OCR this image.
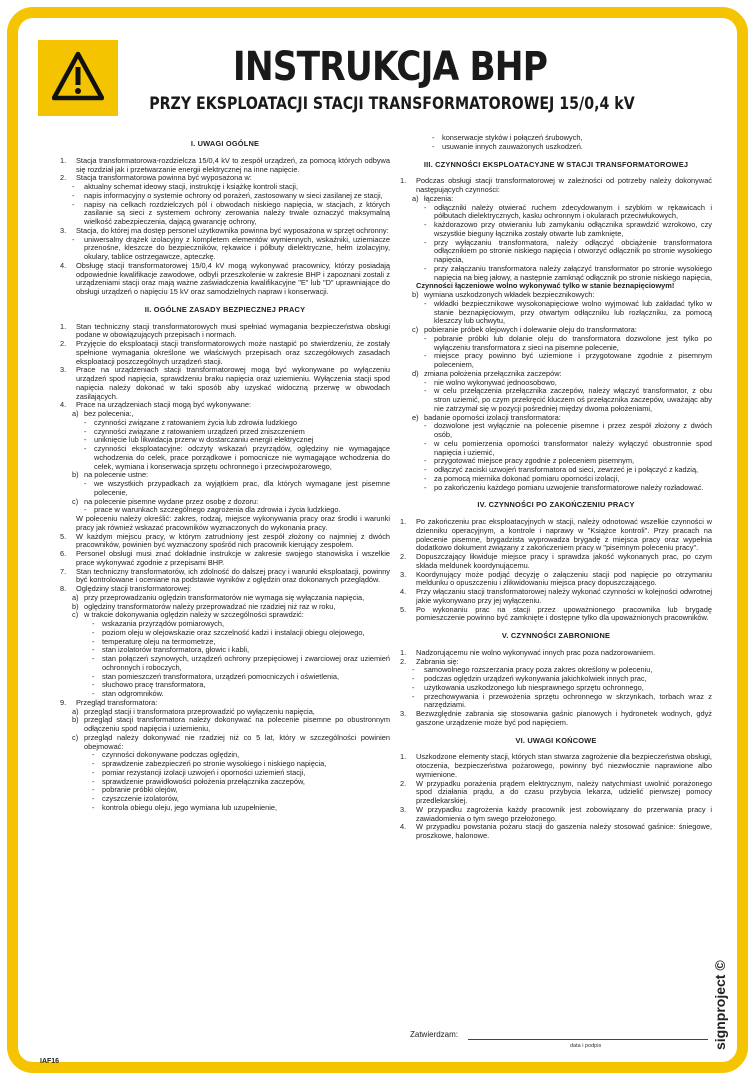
INSTRUKCJA BHP
PRZY EKSPLOATACJI STACJI TRANSFORMATOROWEJ 15/0,4 kV
I. UWAGI OGÓLNE
1. Stacja transformatorowa-rozdzielcza 15/0,4 kV to zespół urządzeń, za pomocą których odbywa się rozdział jak i przetwarzanie energii elektrycznej na inne napięcie.
2. Stacja transformatorowa powinna być wyposażona w:
- aktualny schemat ideowy stacji, instrukcję i książkę kontroli stacji,
- napis informacyjny o systemie ochrony od porażeń, zastosowany w sieci zasilanej ze stacji,
- napisy na celkach rozdzielczych pól i obwodach niskiego napięcia, w stacjach, z których zasilanie są sieci z systemem ochrony zerowania należy trwale oznaczyć maksymalną wielkość zabezpieczenia, dającą gwarancję ochrony,
3. Stacja, do której ma dostęp personel użytkownika powinna być wyposażona w sprzęt ochronny:
- uniwersalny drążek izolacyjny z kompletem elementów wymiennych, wskaźniki, uziemiacze przenośne, kleszcze do bezpieczników, rękawice i półbuty dielektryczne, hełm izolacyjny, okulary, tablice ostrzegawcze, apteczkę.
4. Obsługę stacji transformatorowej 15/0,4 kV mogą wykonywać pracownicy, którzy posiadają odpowiednie kwalifikacje zawodowe, odbyli przeszkolenie w zakresie BHP i zapoznani zostali z urządzeniami stacji oraz mają ważne zaświadczenia kwalifikacyjne "E" lub "D" uprawniające do obsługi urządzeń o napięciu 15 kV oraz samodzielnych napraw i konserwacji.
II. OGÓLNE ZASADY BEZPIECZNEJ PRACY
1. Stan techniczny stacji transformatorowych musi spełniać wymagania bezpieczeństwa obsługi podane w obowiązujących przepisach i normach.
2. Przyjęcie do eksploatacji stacji transformatorowych może nastąpić po stwierdzeniu, że zostały spełnione wymagania określone we właściwych przepisach oraz szczegółowych zasadach eksploatacji poszczególnych urządzeń stacji.
3. Prace na urządzeniach stacji transformatorowej mogą być wykonywane po wyłączeniu urządzeń spod napięcia, sprawdzeniu braku napięcia oraz uziemieniu. Wyłączenia stacji spod napięcia należy dokonać w taki sposób aby uzyskać widoczną przerwę w obwodach zasilających.
4. Prace na urządzeniach stacji mogą być wykonywane:
a) bez polecenia:,
- czynności związane z ratowaniem życia lub zdrowia ludzkiego
- czynności związane z ratowaniem urządzeń przed zniszczeniem
- uniknięcie lub likwidacja przerw w dostarczaniu energii elektrycznej
- czynności eksploatacyjne: odczyty wskazań przyrządów, oględziny nie wymagające wchodzenia do celek, prace porządkowe i pomocnicze nie wymagające wchodzenia do celek, wymiana i konserwacja sprzętu ochronnego i przeciwpożarowego,
b) na polecenie ustne:
- we wszystkich przypadkach za wyjątkiem prac, dla których wymagane jest pisemne polecenie,
c) na polecenie pisemne wydane przez osobę z dozoru:
- prace w warunkach szczególnego zagrożenia dla zdrowia i życia ludzkiego.
W poleceniu należy określić: zakres, rodzaj, miejsce wykonywania pracy oraz środki i warunki pracy jak również wskazać pracowników wyznaczonych do wykonania pracy.
5. W każdym miejscu pracy, w którym zatrudniony jest zespół złożony co najmniej z dwóch pracowników, powinien być wyznaczony spośród nich pracownik kierujący zespołem.
6. Personel obsługi musi znać dokładnie instrukcje w zakresie swojego stanowiska i wszelkie prace wykonywać zgodnie z przepisami BHP.
7. Stan techniczny transformatorów, ich zdolność do dalszej pracy i warunki eksploatacji, powinny być kontrolowane i oceniane na podstawie wyników z oględzin oraz dokonanych przeglądów.
8. Oględziny stacji transformatorowej:
a) przy przeprowadzaniu oględzin transformatorów nie wymaga się wyłączania napięcia,
b) oględziny transformatorów należy przeprowadzać nie rzadziej niż raz w roku,
c) w trakcie dokonywania oględzin należy w szczególności sprawdzić:
- wskazania przyrządów pomiarowych,
- poziom oleju w olejowskazie oraz szczelność kadzi i instalacji obiegu olejowego,
- temperaturę oleju na termometrze,
- stan izolatorów transformatora, głowic i kabli,
- stan połączeń szynowych, urządzeń ochrony przepięciowej i zwarciowej oraz uziemień ochronnych i roboczych,
- stan pomieszczeń transformatora, urządzeń pomocniczych i oświetlenia,
- słuchowo pracę transformatora,
- stan odgromników.
9. Przegląd transformatora:
a) przegląd stacji i transformatora przeprowadzić po wyłączeniu napięcia,
b) przegląd stacji transformatora należy dokonywać na polecenie pisemne po obustronnym odłączeniu spod napięcia i uziemieniu,
c) przegląd należy dokonywać nie rzadziej niż co 5 lat, który w szczególności powinien obejmować:
- czynności dokonywane podczas oględzin,
- sprawdzenie zabezpieczeń po stronie wysokiego i niskiego napięcia,
- pomiar rezystancji izolacji uzwojeń i oporności uziemień stacji,
- sprawdzenie prawidłowości położenia przełącznika zaczepów,
- pobranie próbki olejów,
- czyszczenie izolatorów,
- kontrola obiegu oleju, jego wymiana lub uzupełnienie,
- konserwacje styków i połączeń śrubowych,
- usuwanie innych zauważonych uszkodzeń.
III. CZYNNOŚCI EKSPLOATACYJNE W STACJI TRANSFORMATOROWEJ
1. Podczas obsługi stacji transformatorowej w zależności od potrzeby należy dokonywać następujących czynności:
a) łączenia:
- odłączniki należy otwierać ruchem zdecydowanym i szybkim w rękawicach i półbutach dielektrycznych, kasku ochronnym i okularach przeciwłukowych,
- każdorazowo przy otwieraniu lub zamykaniu odłącznika sprawdzić wzrokowo, czy wszystkie bieguny łącznika zostały otwarte lub zamknięte,
- przy wyłączaniu transformatora, należy odłączyć obciążenie transformatora odłącznikiem po stronie niskiego napięcia i otworzyć odłącznik po stronie wysokiego napięcia,
- przy załączaniu transformatora należy załączyć transformator po stronie wysokiego napięcia na bieg jałowy, a następnie zamknąć odłącznik po stronie niskiego napięcia,
Czynności łączeniowe wolno wykonywać tylko w stanie beznapięciowym!
b) wymiana uszkodzonych wkładek bezpiecznikowych:
- wkładki bezpiecznikowe wysokonapięciowe wolno wyjmować lub zakładać tylko w stanie beznapięciowym, przy otwartym odłączniku lub rozłączniku, za pomocą kleszczy lub uchwytu,
c) pobieranie próbek olejowych i dolewanie oleju do transformatora:
- pobranie próbki lub dolanie oleju do transformatora dozwolone jest tylko po wyłączeniu transformatora z sieci na pisemne polecenie,
- miejsce pracy powinno być uziemione i przygotowane zgodnie z pisemnym poleceniem,
d) zmiana położenia przełącznika zaczepów:
- nie wolno wykonywać jednoosobowo,
- w celu przełączenia przełącznika zaczepów, należy włączyć transformator, z obu stron uziemić, po czym przekręcić kluczem oś przełącznika zaczepów, uważając aby nie zatrzymał się w pozycji pośredniej między dwoma położeniami,
e) badanie oporności izolacji transformatora:
- dozwolone jest wyłącznie na polecenie pisemne i przez zespół złożony z dwóch osób,
- w celu pomierzenia oporności transformator należy wyłączyć obustronnie spod napięcia i uziemić,
- przygotować miejsce pracy zgodnie z poleceniem pisemnym,
- odłączyć zaciski uzwojeń transformatora od sieci, zewrzeć je i połączyć z kadzią,
- za pomocą miernika dokonać pomiaru oporności izolacji,
- po zakończeniu każdego pomiaru uzwojenie transformatorowe należy rozładować.
IV. CZYNNOŚCI PO ZAKOŃCZENIU PRACY
1. Po zakończeniu prac eksploatacyjnych w stacji, należy odnotować wszelkie czynności w dzienniku operacyjnym, a kontrole i naprawy w "Książce kontroli". Przy pracach na polecenie pisemne, brygadzista wyprowadza brygadę z miejsca pracy oraz wypełnia dodatkowo dokument związany z zakończeniem pracy w "pisemnym poleceniu pracy".
2. Dopuszczający likwiduje miejsce pracy i sprawdza jakość wykonanych prac, po czym składa meldunek koordynującemu.
3. Koordynujący może podjąć decyzję o załączeniu stacji pod napięcie po otrzymaniu meldunku o opuszczeniu i zlikwidowaniu miejsca pracy dopuszczającego.
4. Przy włączaniu stacji transformatorowej należy wykonać czynności w kolejności odwrotnej jakie wykonywano przy jej wyłączeniu.
5. Po wykonaniu prac na stacji przez upoważnionego pracownika lub brygadę pomieszczenie powinno być zamknięte i dostępne tylko dla upoważnionych pracowników.
V. CZYNNOŚCI ZABRONIONE
1. Nadzorującemu nie wolno wykonywać innych prac poza nadzorowaniem.
2. Zabrania się:
- samowolnego rozszerzania pracy poza zakres określony w poleceniu,
- podczas oględzin urządzeń wykonywania jakichkolwiek innych prac,
- użytkowania uszkodzonego lub niesprawnego sprzętu ochronnego,
- przechowywania i przewożenia sprzętu ochronnego w skrzynkach, torbach wraz z narzędziami.
3. Bezwzględnie zabrania się stosowania gaśnic pianowych i hydronetek wodnych, gdyż gaszone urządzenie może być pod napięciem.
VI. UWAGI KOŃCOWE
1. Uszkodzone elementy stacji, których stan stwarza zagrożenie dla bezpieczeństwa obsługi, otoczenia, bezpieczeństwa pożarowego, powinny być niezwłocznie naprawione albo wymienione.
2. W przypadku porażenia prądem elektrycznym, należy natychmiast uwolnić porażonego spod działania prądu, a do czasu przybycia lekarza, udzielić pierwszej pomocy przedlekarskiej.
3. W przypadku zagrożenia każdy pracownik jest zobowiązany do przerwania pracy i zawiadomienia o tym swego przełożonego.
4. W przypadku powstania pożaru stacji do gaszenia należy stosować gaśnice: śniegowe, proszkowe, halonowe.
Zatwierdzam:
data i podpis
IAF16
signproject ©
